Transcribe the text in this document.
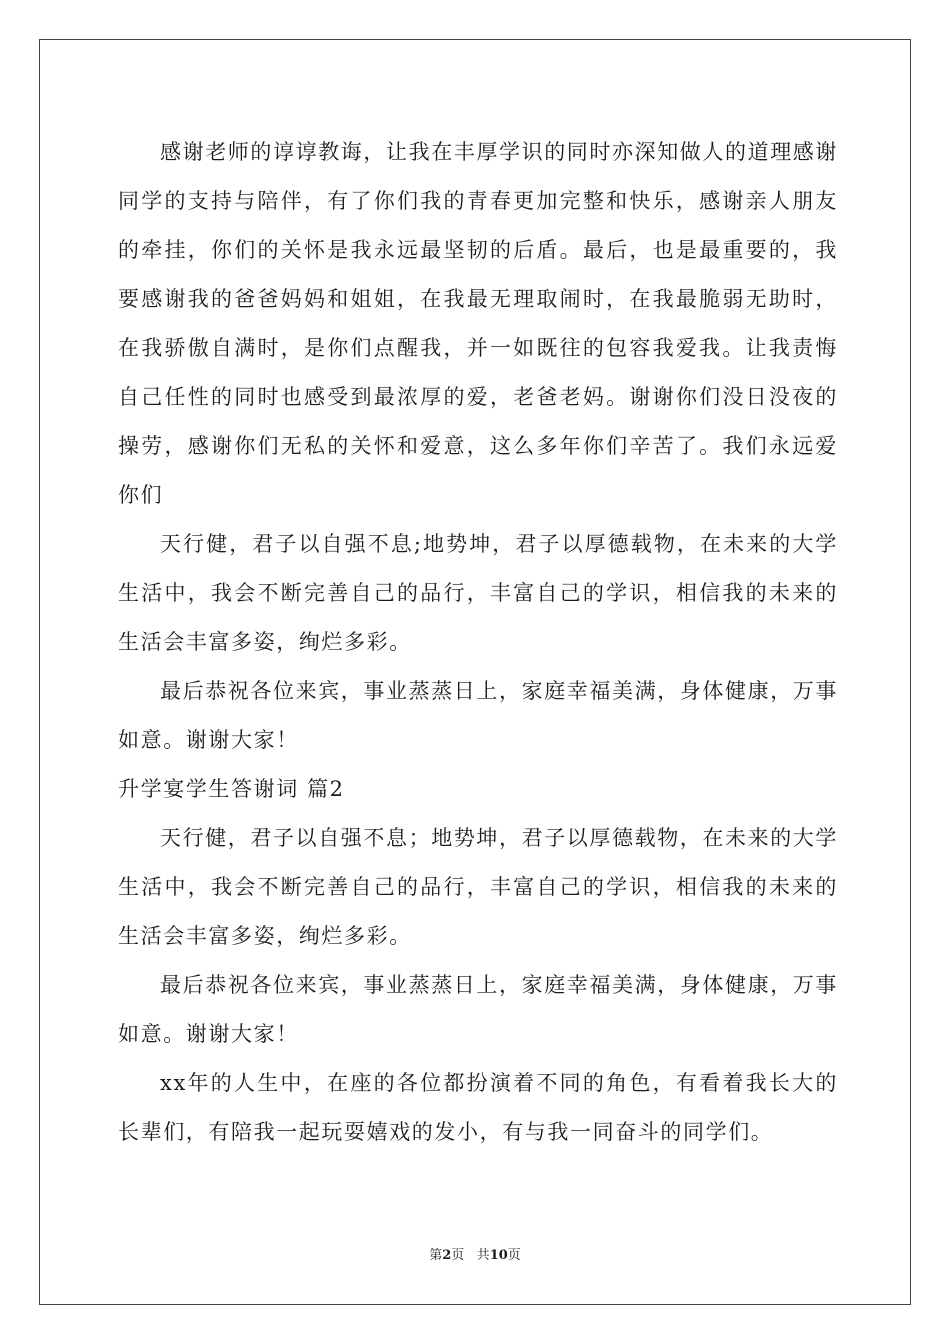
感谢老师的谆谆教诲，让我在丰厚学识的同时亦深知做人的道理感谢同学的支持与陪伴，有了你们我的青春更加完整和快乐，感谢亲人朋友的牵挂，你们的关怀是我永远最坚韧的后盾。最后，也是最重要的，我要感谢我的爸爸妈妈和姐姐，在我最无理取闹时，在我最脆弱无助时，在我骄傲自满时，是你们点醒我，并一如既往的包容我爱我。让我责悔自己任性的同时也感受到最浓厚的爱，老爸老妈。谢谢你们没日没夜的操劳，感谢你们无私的关怀和爱意，这么多年你们辛苦了。我们永远爱你们

天行健，君子以自强不息;地势坤，君子以厚德载物，在未来的大学生活中，我会不断完善自己的品行，丰富自己的学识，相信我的未来的生活会丰富多姿，绚烂多彩。

最后恭祝各位来宾，事业蒸蒸日上，家庭幸福美满，身体健康，万事如意。谢谢大家！

升学宴学生答谢词 篇2

天行健，君子以自强不息；地势坤，君子以厚德载物，在未来的大学生活中，我会不断完善自己的品行，丰富自己的学识，相信我的未来的生活会丰富多姿，绚烂多彩。

最后恭祝各位来宾，事业蒸蒸日上，家庭幸福美满，身体健康，万事如意。谢谢大家！

xx年的人生中，在座的各位都扮演着不同的角色，有看着我长大的长辈们，有陪我一起玩耍嬉戏的发小，有与我一同奋斗的同学们。

第2页 共10页
